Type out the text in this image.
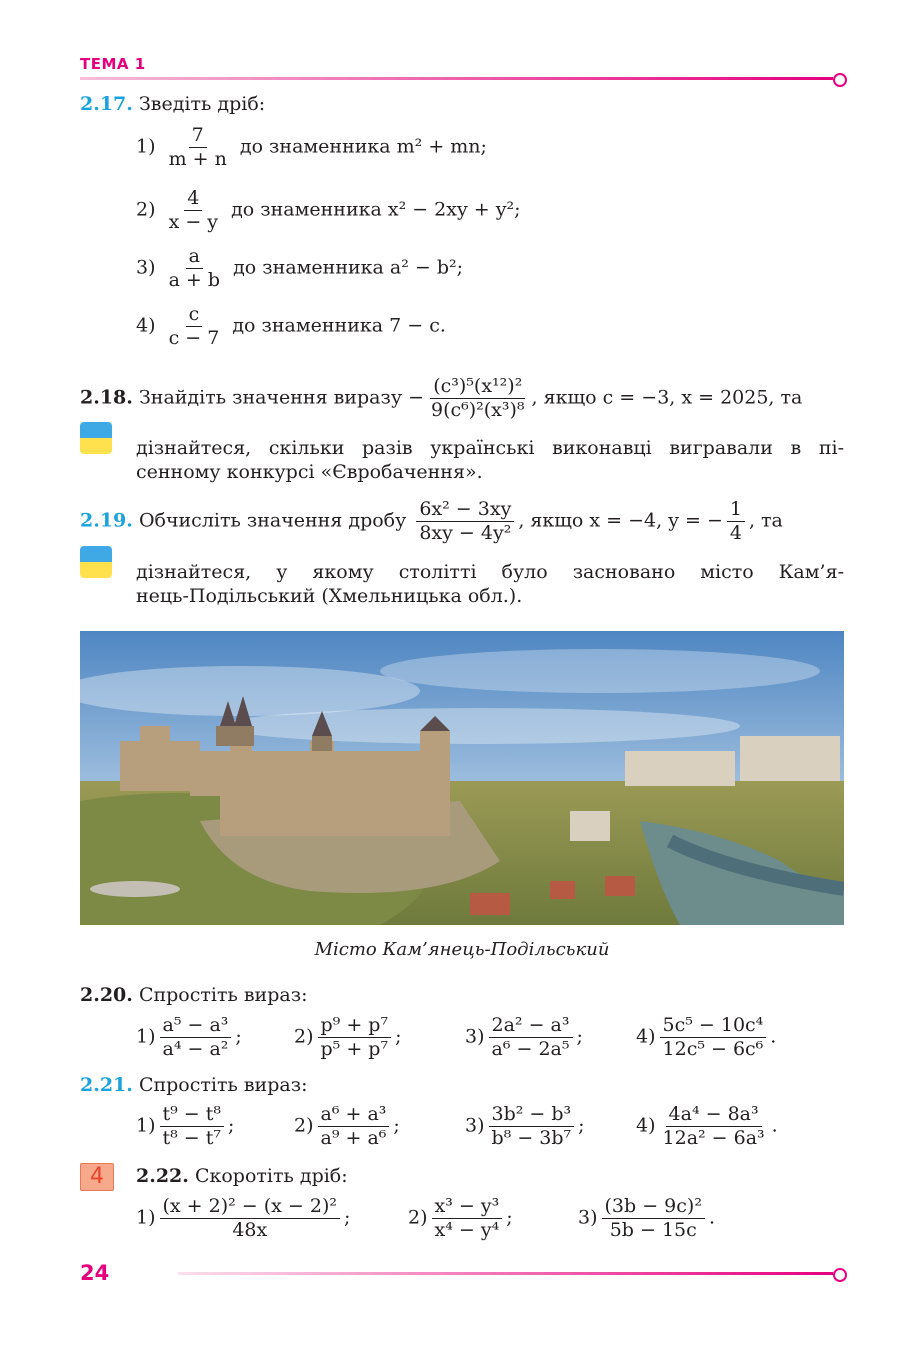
ТЕМА 1
2.17. Зведіть дріб:
$1) \frac{7}{m + n}$ до знаменника m² + mn;
$2) \frac{4}{x - y}$ до знаменника x² − 2xy + y²;
$3) \frac{a}{a + b}$ до знаменника a² − b²;
$4) \frac{c}{c - 7}$ до знаменника 7 − c.
2.18. Знайдіть значення виразу − $\frac{\text{(c³)⁵(x¹²)²}}{\text{9(c⁶)²(x³)⁸}}$ , якщо c = −3, x = 2025, та
дізнайтеся, скільки разів українські виконавці вигравали в пі-
сенному конкурсі «Євробачення».
2.19. Обчисліть значення дробу $\frac{\text{6x² − 3xy}}{\text{8xy − 4y²}}$ , якщо x = −4, y = − $\frac{1}{4}$ , та
дізнайтеся, у якому столітті було засновано місто Кам’я-
нець-Подільський (Хмельницька обл.).
Місто Кам’янець-Подільський
2.20. Спростіть вираз:
$1) \frac{\text{a⁵ − a³}}{\text{a⁴ − a²}}$ ;	$2) \frac{\text{p⁹ + p⁷}}{\text{p⁵ + p⁷}}$ ;	$3) \frac{\text{2a² − a³}}{\text{a⁶ − 2a⁵}}$ ;	$4) \frac{\text{5c⁵ − 10c⁴}}{\text{12c⁵ − 6c⁶}}$ .
2.21. Спростіть вираз:
$1) \frac{\text{t⁹ − t⁸}}{\text{t⁸ − t⁷}}$ ;	$2) \frac{\text{a⁶ + a³}}{\text{a⁹ + a⁶}}$ ;	$3) \frac{\text{3b² − b³}}{\text{b⁸ − 3b⁷}}$ ;	$4) \frac{\text{4a⁴ − 8a³}}{\text{12a² − 6a³}}$ .
4	2.22. Скоротіть дріб:
$1) \frac{\text{(x + 2)² − (x − 2)²}}{48x}$ ;	$2) \frac{\text{x³ − y³}}{\text{x⁴ − y⁴}}$ ;	$3) \frac{\text{(3b − 9c)²}}{5b - 15c}$ .
24
